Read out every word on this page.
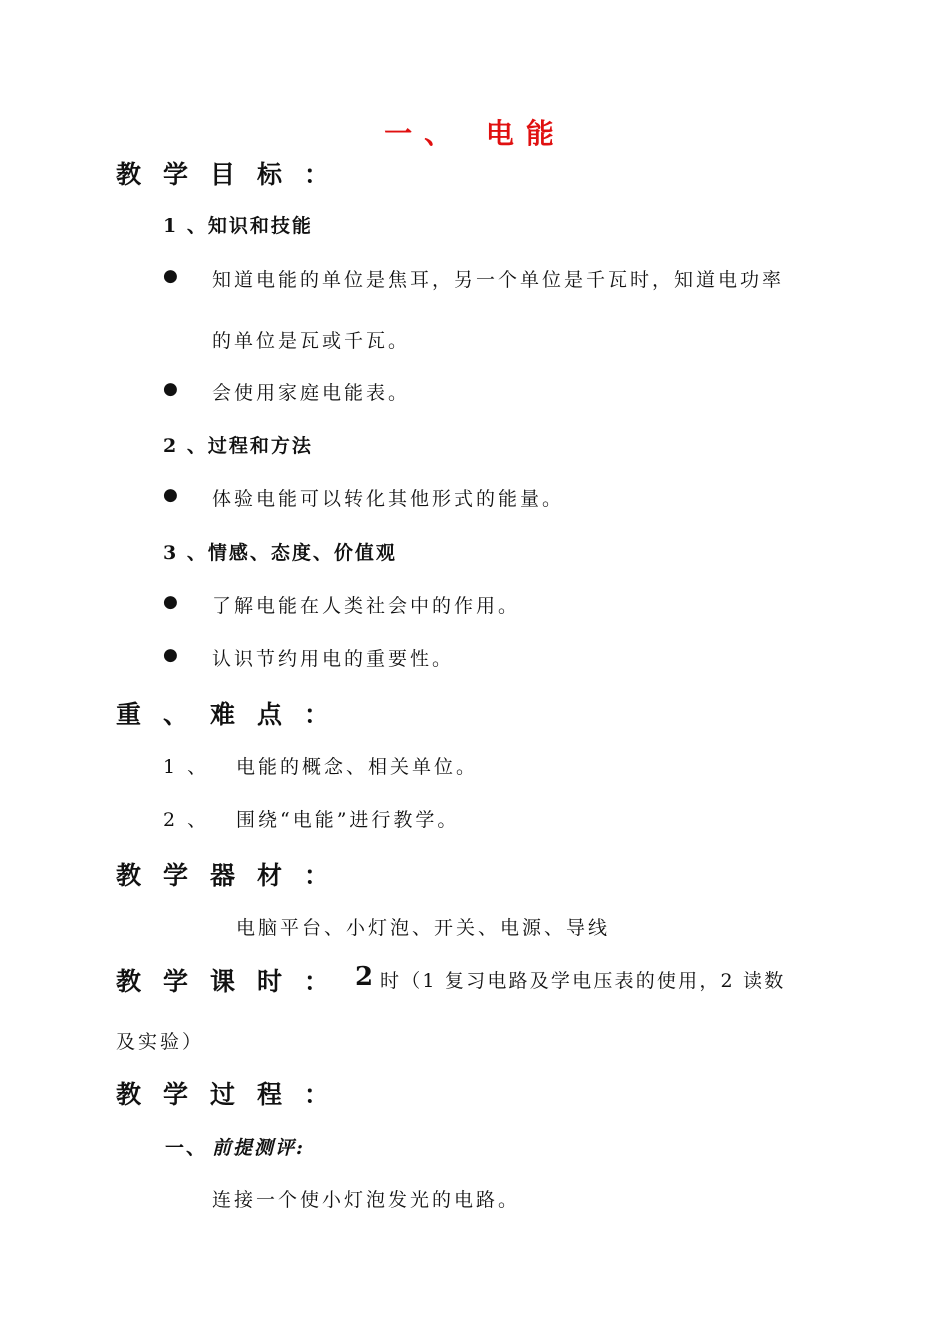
一、 电能
教学目标：
1 、知识和技能
● 知道电能的单位是焦耳，另一个单位是千瓦时，知道电功率
的单位是瓦或千瓦。
● 会使用家庭电能表。
2 、过程和方法
● 体验电能可以转化其他形式的能量。
3 、情感、态度、价值观
● 了解电能在人类社会中的作用。
● 认识节约用电的重要性。
重、难点：
1 、 电能的概念、相关单位。
2 、 围绕“电能”进行教学。
教学器材：
电脑平台、小灯泡、开关、电源、导线
教学课时： 2 时（1 复习电路及学电压表的使用，2 读数
及实验）
教学过程：
一、 前提测评:
连接一个使小灯泡发光的电路。
